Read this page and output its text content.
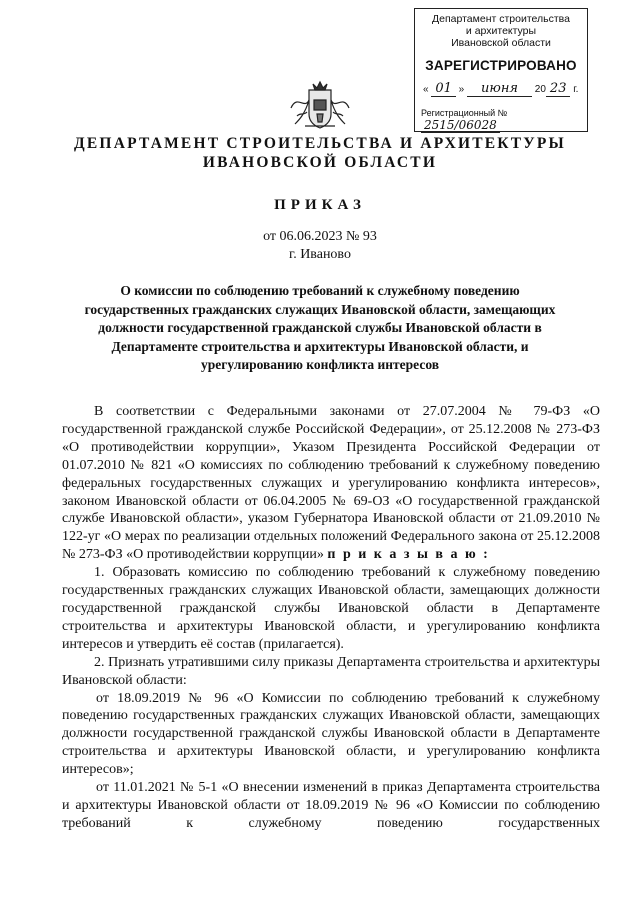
Департамент строительства
и архитектуры
Ивановской области
ЗАРЕГИСТРИРОВАНО
« 01 » июня 20 23 г.
Регистрационный № 2515/06028
ДЕПАРТАМЕНТ СТРОИТЕЛЬСТВА И АРХИТЕКТУРЫ
ИВАНОВСКОЙ ОБЛАСТИ
ПРИКАЗ
от 06.06.2023 № 93
г. Иваново
О комиссии по соблюдению требований к служебному поведению государственных гражданских служащих Ивановской области, замещающих должности государственной гражданской службы Ивановской области в Департаменте строительства и архитектуры Ивановской области, и урегулированию конфликта интересов

В соответствии с Федеральными законами от 27.07.2004 № 79-ФЗ «О государственной гражданской службе Российской Федерации», от 25.12.2008 № 273-ФЗ «О противодействии коррупции», Указом Президента Российской Федерации от 01.07.2010 № 821 «О комиссиях по соблюдению требований к служебному поведению федеральных государственных служащих и урегулированию конфликта интересов», законом Ивановской области от 06.04.2005 № 69-ОЗ «О государственной гражданской службе Ивановской области», указом Губернатора Ивановской области от 21.09.2010 № 122-уг «О мерах по реализации отдельных положений Федерального закона от 25.12.2008 № 273-ФЗ «О противодействии коррупции» п р и к а з ы в а ю :

1. Образовать комиссию по соблюдению требований к служебному поведению государственных гражданских служащих Ивановской области, замещающих должности государственной гражданской службы Ивановской области в Департаменте строительства и архитектуры Ивановской области, и урегулированию конфликта интересов и утвердить её состав (прилагается).

2. Признать утратившими силу приказы Департамента строительства и архитектуры Ивановской области:

от 18.09.2019 № 96 «О Комиссии по соблюдению требований к служебному поведению государственных гражданских служащих Ивановской области, замещающих должности государственной гражданской службы Ивановской области в Департаменте строительства и архитектуры Ивановской области, и урегулированию конфликта интересов»;

от 11.01.2021 № 5-1 «О внесении изменений в приказ Департамента строительства и архитектуры Ивановской области от 18.09.2019 № 96 «О Комиссии по соблюдению требований к служебному поведению государственных
